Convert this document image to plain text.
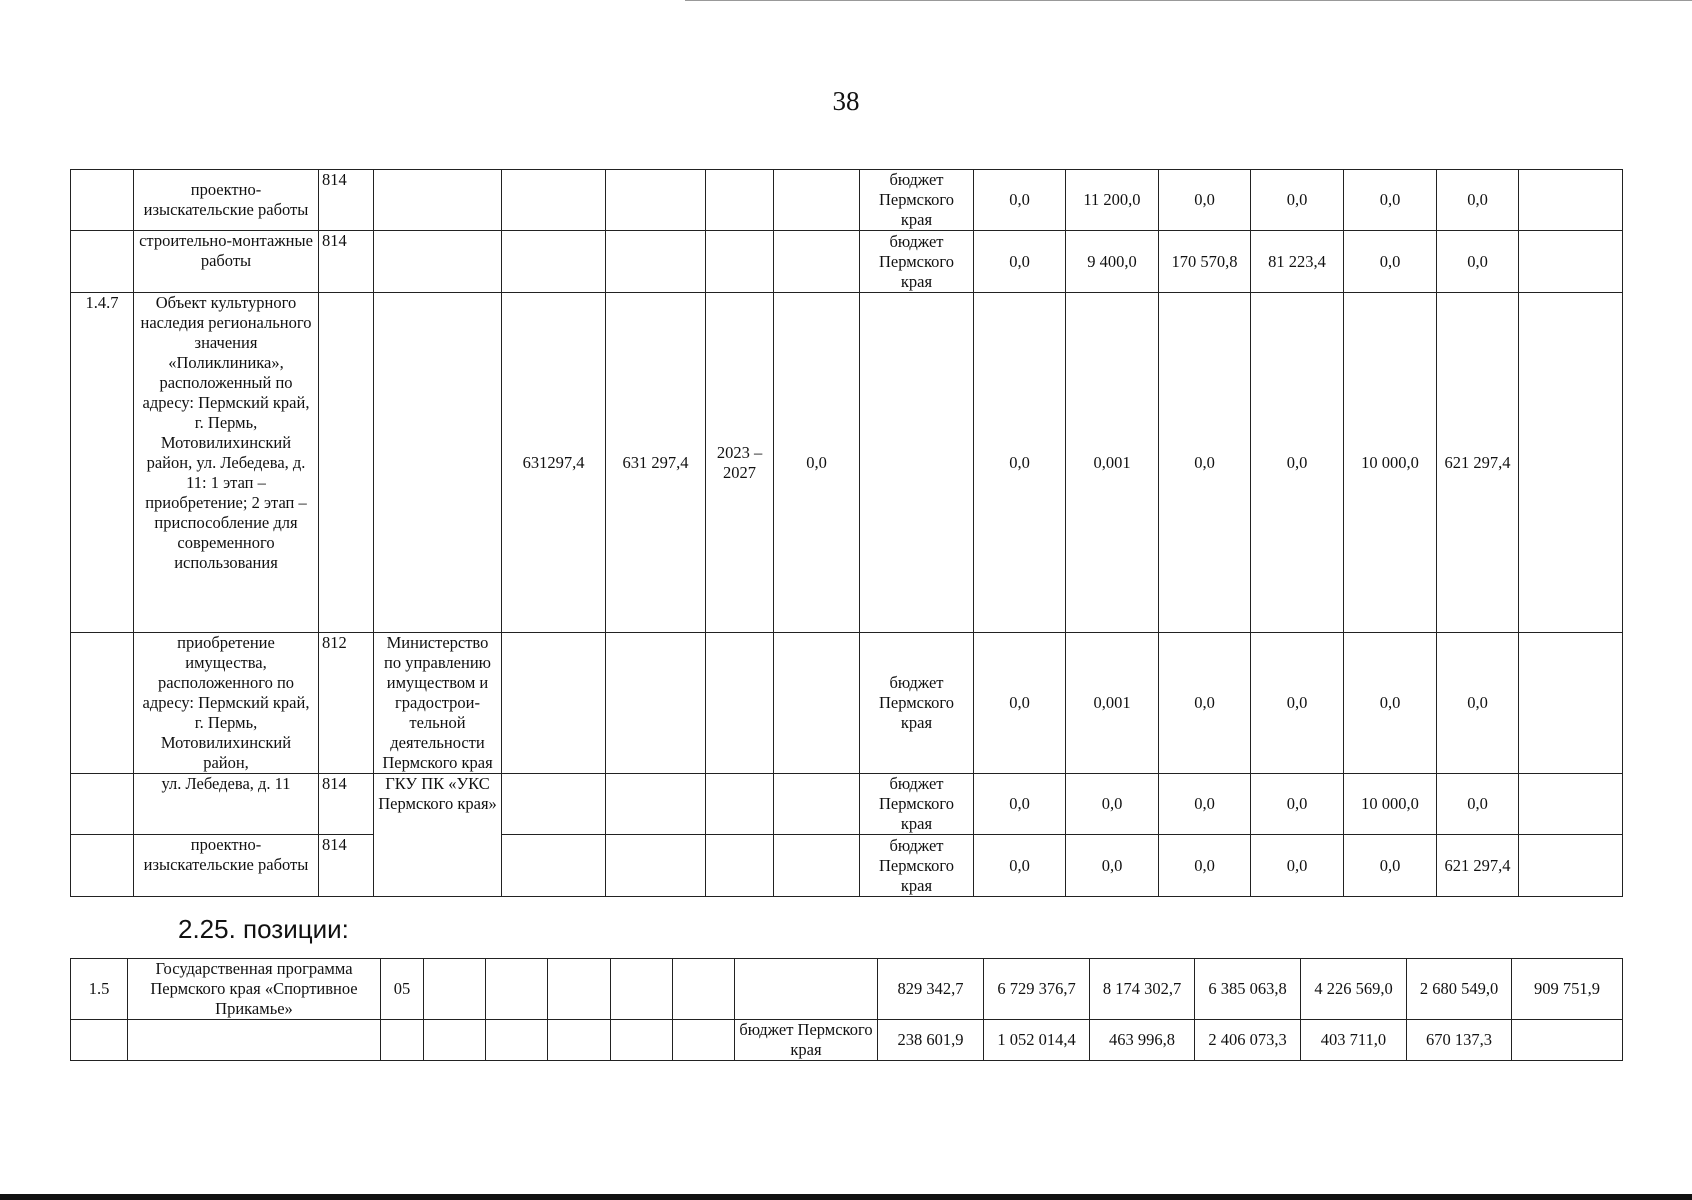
38
	проектно-изыскательские работы	814						бюджет Пермского края	0,0	11 200,0	0,0	0,0	0,0	0,0	
	строительно-монтажные работы	814						бюджет Пермского края	0,0	9 400,0	170 570,8	81 223,4	0,0	0,0	
1.4.7	Объект культурного наследия регионального значения «Поликлиника», расположенный по адресу: Пермский край, г. Пермь, Мотовилихинский район, ул. Лебедева, д. 11: 1 этап – приобретение; 2 этап – приспособление для современного использования			631297,4	631 297,4	2023 – 2027	0,0		0,0	0,001	0,0	0,0	10 000,0	621 297,4	
	приобретение имущества, расположенного по адресу: Пермский край, г. Пермь, Мотовилихинский район,	812	Министерство по управлению имуществом и градострои-тельной деятельности Пермского края					бюджет Пермского края	0,0	0,001	0,0	0,0	0,0	0,0	
	ул. Лебедева, д. 11	814	ГКУ ПК «УКС Пермского края»					бюджет Пермского края	0,0	0,0	0,0	0,0	10 000,0	0,0	
	проектно-изыскательские работы	814						бюджет Пермского края	0,0	0,0	0,0	0,0	0,0	621 297,4	
2.25. позиции:
1.5	Государственная программа Пермского края «Спортивное Прикамье»	05							829 342,7	6 729 376,7	8 174 302,7	6 385 063,8	4 226 569,0	2 680 549,0	909 751,9
								бюджет Пермского края	238 601,9	1 052 014,4	463 996,8	2 406 073,3	403 711,0	670 137,3	
